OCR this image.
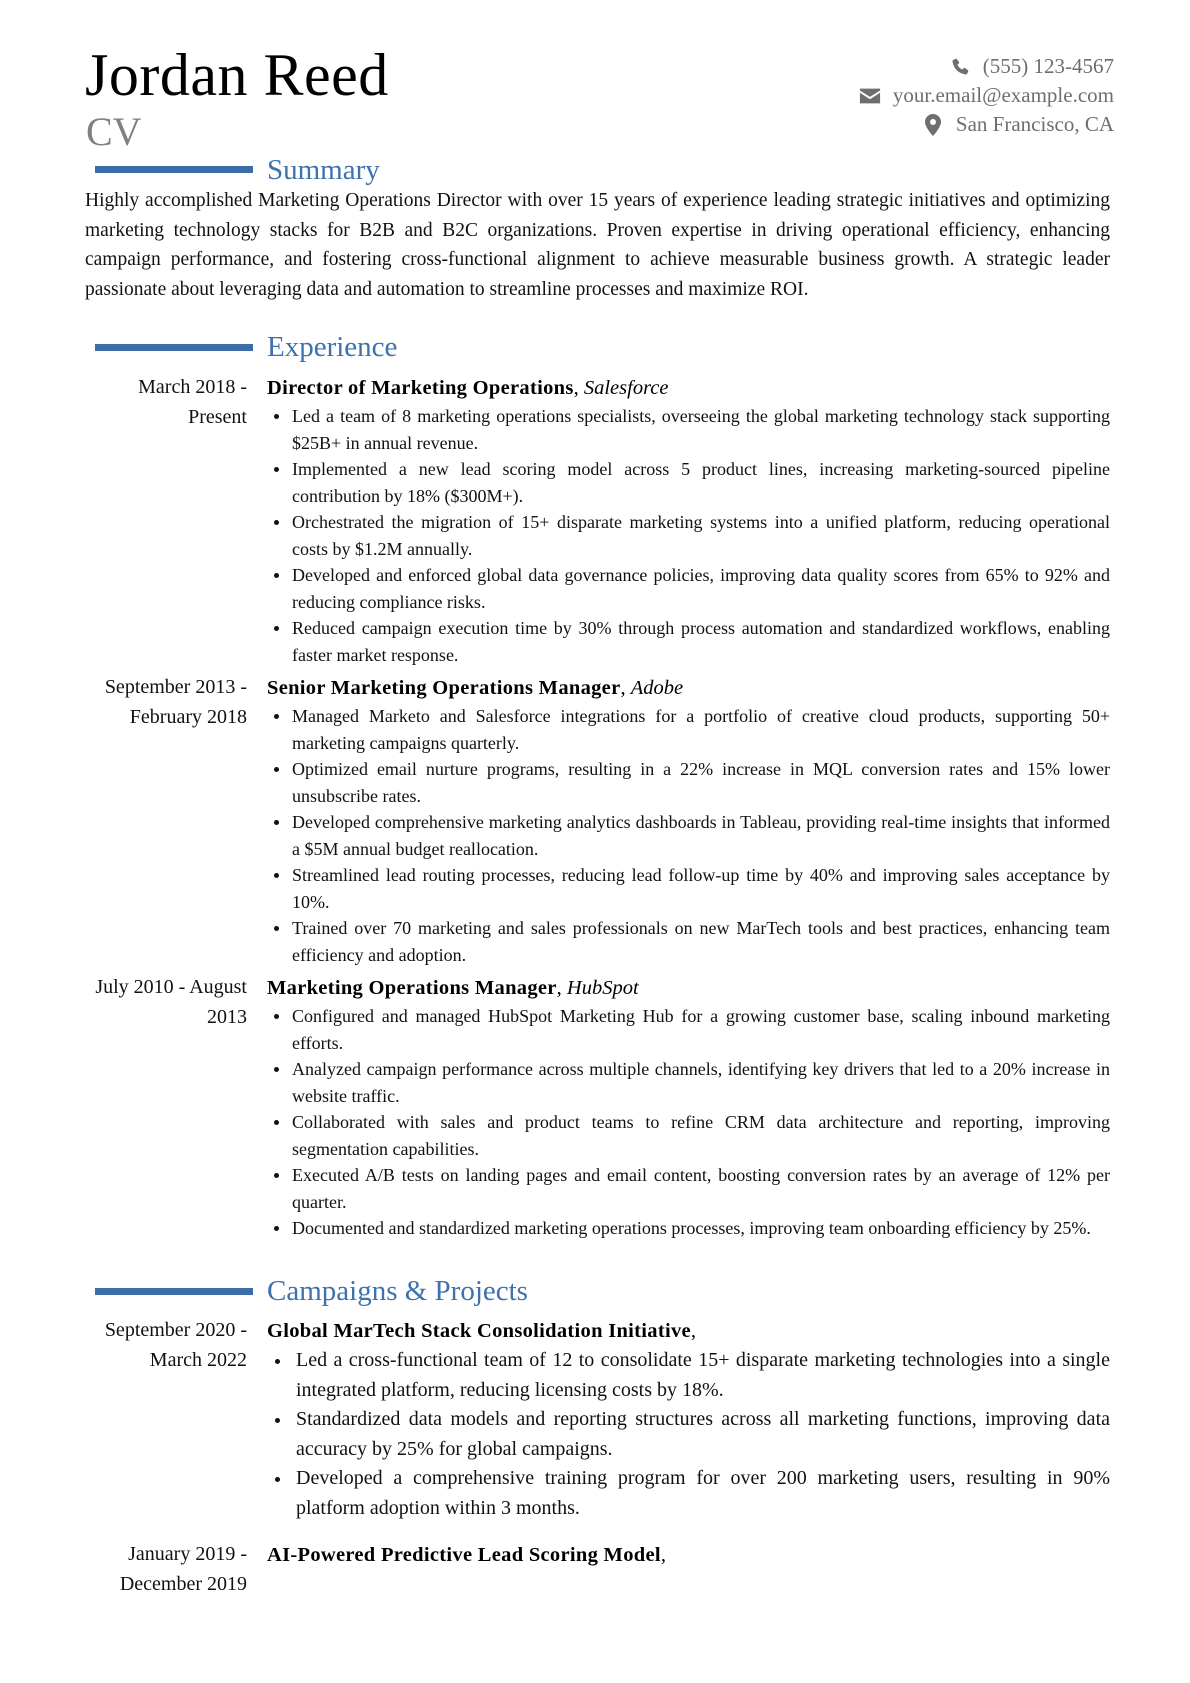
Jordan Reed
CV
(555) 123-4567
your.email@example.com
San Francisco, CA
Summary
Highly accomplished Marketing Operations Director with over 15 years of experience leading strategic initiatives and optimizing marketing technology stacks for B2B and B2C organizations. Proven expertise in driving operational efficiency, enhancing campaign performance, and fostering cross-functional alignment to achieve measurable business growth. A strategic leader passionate about leveraging data and automation to streamline processes and maximize ROI.
Experience
March 2018 - Present
Director of Marketing Operations, Salesforce
Led a team of 8 marketing operations specialists, overseeing the global marketing technology stack supporting $25B+ in annual revenue.
Implemented a new lead scoring model across 5 product lines, increasing marketing-sourced pipeline contribution by 18% ($300M+).
Orchestrated the migration of 15+ disparate marketing systems into a unified platform, reducing operational costs by $1.2M annually.
Developed and enforced global data governance policies, improving data quality scores from 65% to 92% and reducing compliance risks.
Reduced campaign execution time by 30% through process automation and standardized workflows, enabling faster market response.
September 2013 - February 2018
Senior Marketing Operations Manager, Adobe
Managed Marketo and Salesforce integrations for a portfolio of creative cloud products, supporting 50+ marketing campaigns quarterly.
Optimized email nurture programs, resulting in a 22% increase in MQL conversion rates and 15% lower unsubscribe rates.
Developed comprehensive marketing analytics dashboards in Tableau, providing real-time insights that informed a $5M annual budget reallocation.
Streamlined lead routing processes, reducing lead follow-up time by 40% and improving sales acceptance by 10%.
Trained over 70 marketing and sales professionals on new MarTech tools and best practices, enhancing team efficiency and adoption.
July 2010 - August 2013
Marketing Operations Manager, HubSpot
Configured and managed HubSpot Marketing Hub for a growing customer base, scaling inbound marketing efforts.
Analyzed campaign performance across multiple channels, identifying key drivers that led to a 20% increase in website traffic.
Collaborated with sales and product teams to refine CRM data architecture and reporting, improving segmentation capabilities.
Executed A/B tests on landing pages and email content, boosting conversion rates by an average of 12% per quarter.
Documented and standardized marketing operations processes, improving team onboarding efficiency by 25%.
Campaigns & Projects
September 2020 - March 2022
Global MarTech Stack Consolidation Initiative,
Led a cross-functional team of 12 to consolidate 15+ disparate marketing technologies into a single integrated platform, reducing licensing costs by 18%.
Standardized data models and reporting structures across all marketing functions, improving data accuracy by 25% for global campaigns.
Developed a comprehensive training program for over 200 marketing users, resulting in 90% platform adoption within 3 months.
January 2019 - December 2019
AI-Powered Predictive Lead Scoring Model,
